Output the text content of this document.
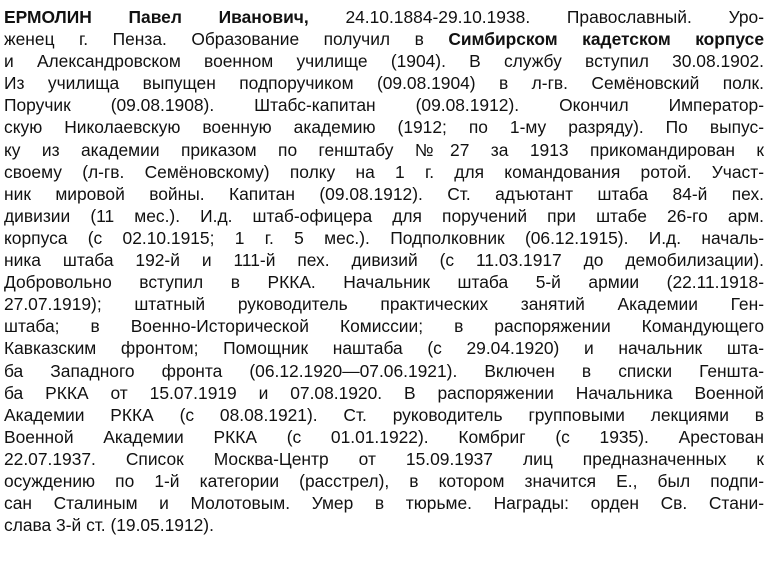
ЕРМОЛИН Павел Иванович, 24.10.1884-29.10.1938. Православный. Уро-
женец г. Пенза. Образование получил в Симбирском кадетском корпусе
и Александровском военном училище (1904). В службу вступил 30.08.1902.
Из училища выпущен подпоручиком (09.08.1904) в л-гв. Семёновский полк.
Поручик (09.08.1908). Штабс-капитан (09.08.1912). Окончил Император-
скую Николаевскую военную академию (1912; по 1-му разряду). По выпус-
ку из академии приказом по генштабу №27 за 1913 прикомандирован к
своему (л-гв. Семёновскому) полку на 1 г. для командования ротой. Участ-
ник мировой войны. Капитан (09.08.1912). Ст. адъютант штаба 84-й пех.
дивизии (11 мес.). И.д. штаб-офицера для поручений при штабе 26-го арм.
корпуса (с 02.10.1915; 1 г. 5 мес.). Подполковник (06.12.1915). И.д. началь-
ника штаба 192-й и 111-й пех. дивизий (с 11.03.1917 до демобилизации).
Добровольно вступил в РККА. Начальник штаба 5-й армии (22.11.1918-
27.07.1919); штатный руководитель практических занятий Академии Ген-
штаба; в Военно-Исторической Комиссии; в распоряжении Командующего
Кавказским фронтом; Помощник наштаба (с 29.04.1920) и начальник шта-
ба Западного фронта (06.12.1920—07.06.1921). Включен в списки Генштa-
ба РККА от 15.07.1919 и 07.08.1920. В распоряжении Начальника Военной
Академии РККА (с 08.08.1921). Ст. руководитель групповыми лекциями в
Военной Академии РККА (с 01.01.1922). Комбриг (с 1935). Арестован
22.07.1937. Список Москва-Центр от 15.09.1937 лиц предназначенных к
осуждению по 1-й категории (расстрел), в котором значится Е., был подпи-
сан Сталиным и Молотовым. Умер в тюрьме. Награды: орден Св. Стани-
слава 3-й ст. (19.05.1912).
